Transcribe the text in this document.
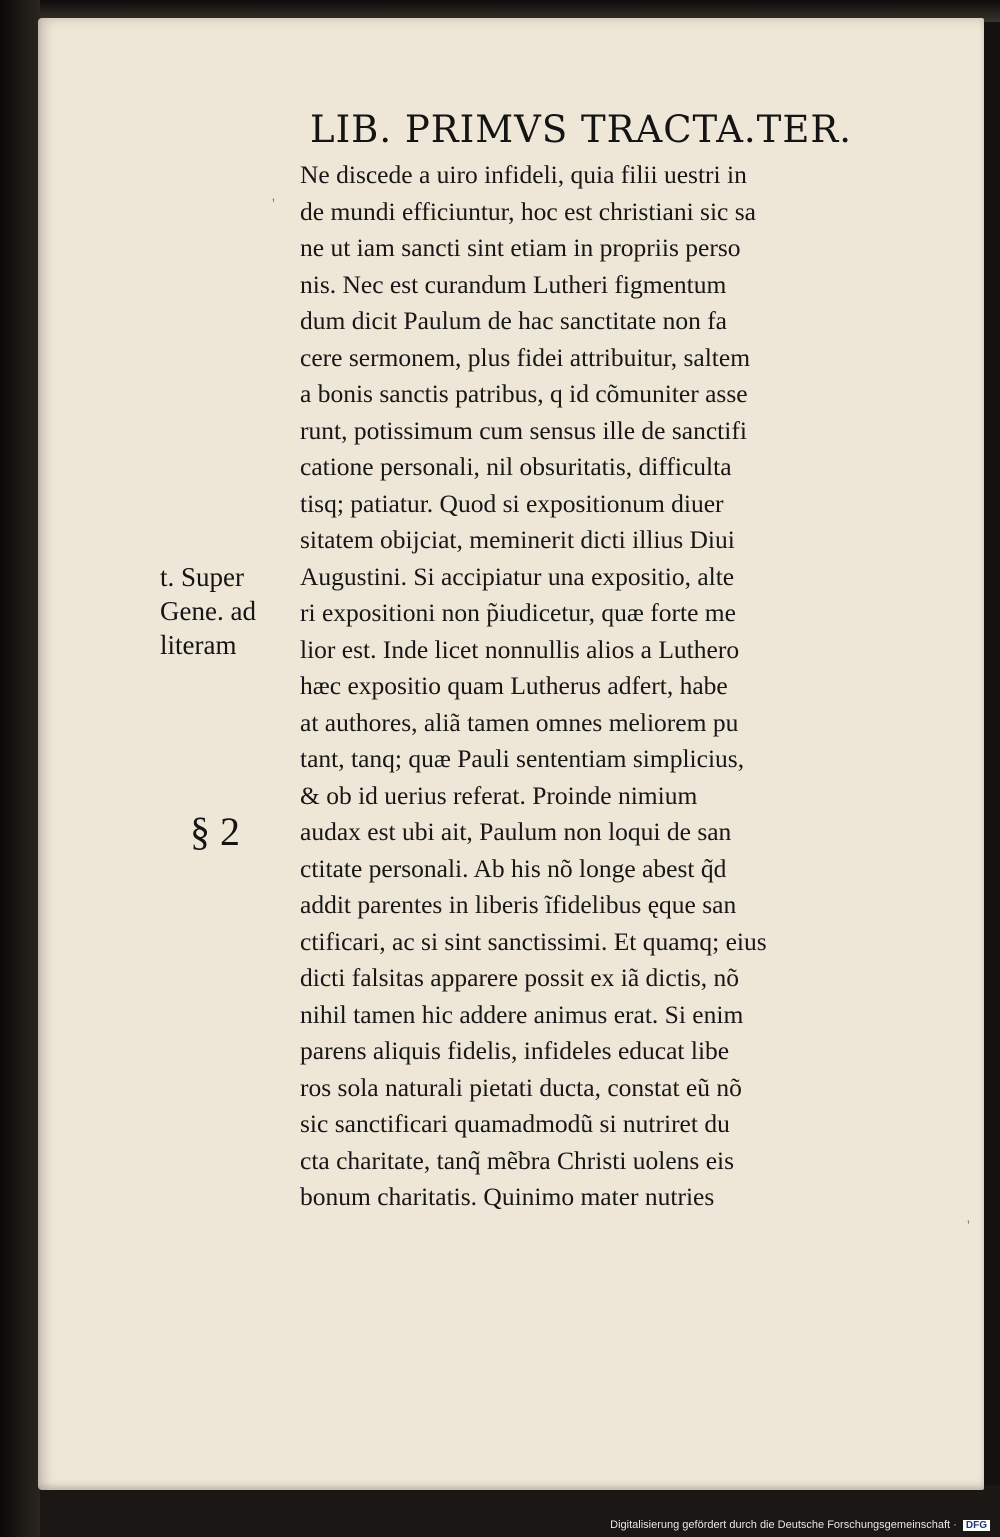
LIB. PRIMVS TRACTA.TER.
Ne discede a uiro infideli, quia filii uestri in
de mundi efficiuntur, hoc est christiani sic sa
ne ut iam sancti sint etiam in propriis perso
nis. Nec est curandum Lutheri figmentum
dum dicit Paulum de hac sanctitate non fa
cere sermonem, plus fidei attribuitur, saltem
a bonis sanctis patribus, q id cõmuniter asse
runt, potissimum cum sensus ille de sanctifi
catione personali, nil obsuritatis, difficulta
tisq; patiatur. Quod si expositionum diuer
sitatem obijciat, meminerit dicti illius Diui
Augustini. Si accipiatur una expositio, alte
ri expositioni non p̃iudicetur, quæ forte me
lior est. Inde licet nonnullis alios a Luthero
hæc expositio quam Lutherus adfert, habe
at authores, aliã tamen omnes meliorem pu
tant, tanq; quæ Pauli sententiam simplicius,
& ob id uerius referat. Proinde nimium
audax est ubi ait, Paulum non loqui de san
ctitate personali. Ab his nõ longe abest q̃d
addit parentes in liberis ĩfidelibus ęque san
ctificari, ac si sint sanctissimi. Et quamq; eius
dicti falsitas apparere possit ex iã dictis, nõ
nihil tamen hic addere animus erat. Si enim
parens aliquis fidelis, infideles educat libe
ros sola naturali pietati ducta, constat eũ nõ
sic sanctificari quamadmodũ si nutriret du
cta charitate, tanq̃ mẽbra Christi uolens eis
bonum charitatis. Quinimo mater nutries
t. Super
Gene. ad
literam
§ 2
'
'
Digitalisierung gefördert durch die Deutsche Forschungsgemeinschaft · DFG
